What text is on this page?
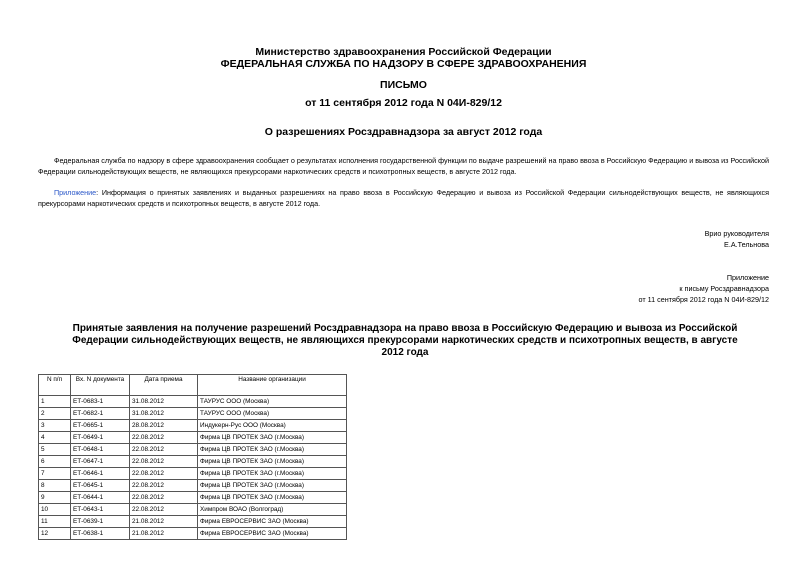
Министерство здравоохранения Российской Федерации
ФЕДЕРАЛЬНАЯ СЛУЖБА ПО НАДЗОРУ В СФЕРЕ ЗДРАВООХРАНЕНИЯ
ПИСЬМО
от 11 сентября 2012 года N 04И-829/12
О разрешениях Росздравнадзора за август 2012 года
Федеральная служба по надзору в сфере здравоохранения сообщает о результатах исполнения государственной функции по выдаче разрешений на право ввоза в Российскую Федерацию и вывоза из Российской Федерации сильнодействующих веществ, не являющихся прекурсорами наркотических средств и психотропных веществ, в августе 2012 года.
Приложение: Информация о принятых заявлениях и выданных разрешениях на право ввоза в Российскую Федерацию и вывоза из Российской Федерации сильнодействующих веществ, не являющихся прекурсорами наркотических средств и психотропных веществ, в августе 2012 года.
Врио руководителя
Е.А.Тельнова
Приложение
к письму Росздравнадзора
от 11 сентября 2012 года N 04И-829/12
Принятые заявления на получение разрешений Росздравнадзора на право ввоза в Российскую Федерацию и вывоза из Российской Федерации сильнодействующих веществ, не являющихся прекурсорами наркотических средств и психотропных веществ, в августе 2012 года
N п/п	Вх. N документа	Дата приема	Название организации
1	ЕТ-0683-1	31.08.2012	ТАУРУС ООО (Москва)
2	ЕТ-0682-1	31.08.2012	ТАУРУС ООО (Москва)
3	ЕТ-0665-1	28.08.2012	Индукерн-Рус ООО (Москва)
4	ЕТ-0649-1	22.08.2012	Фирма ЦВ ПРОТЕК ЗАО (г.Москва)
5	ЕТ-0648-1	22.08.2012	Фирма ЦВ ПРОТЕК ЗАО (г.Москва)
6	ЕТ-0647-1	22.08.2012	Фирма ЦВ ПРОТЕК ЗАО (г.Москва)
7	ЕТ-0646-1	22.08.2012	Фирма ЦВ ПРОТЕК ЗАО (г.Москва)
8	ЕТ-0645-1	22.08.2012	Фирма ЦВ ПРОТЕК ЗАО (г.Москва)
9	ЕТ-0644-1	22.08.2012	Фирма ЦВ ПРОТЕК ЗАО (г.Москва)
10	ЕТ-0643-1	22.08.2012	Химпром ВОАО (Волгоград)
11	ЕТ-0639-1	21.08.2012	Фирма ЕВРОСЕРВИС ЗАО (Москва)
12	ЕТ-0638-1	21.08.2012	Фирма ЕВРОСЕРВИС ЗАО (Москва)
